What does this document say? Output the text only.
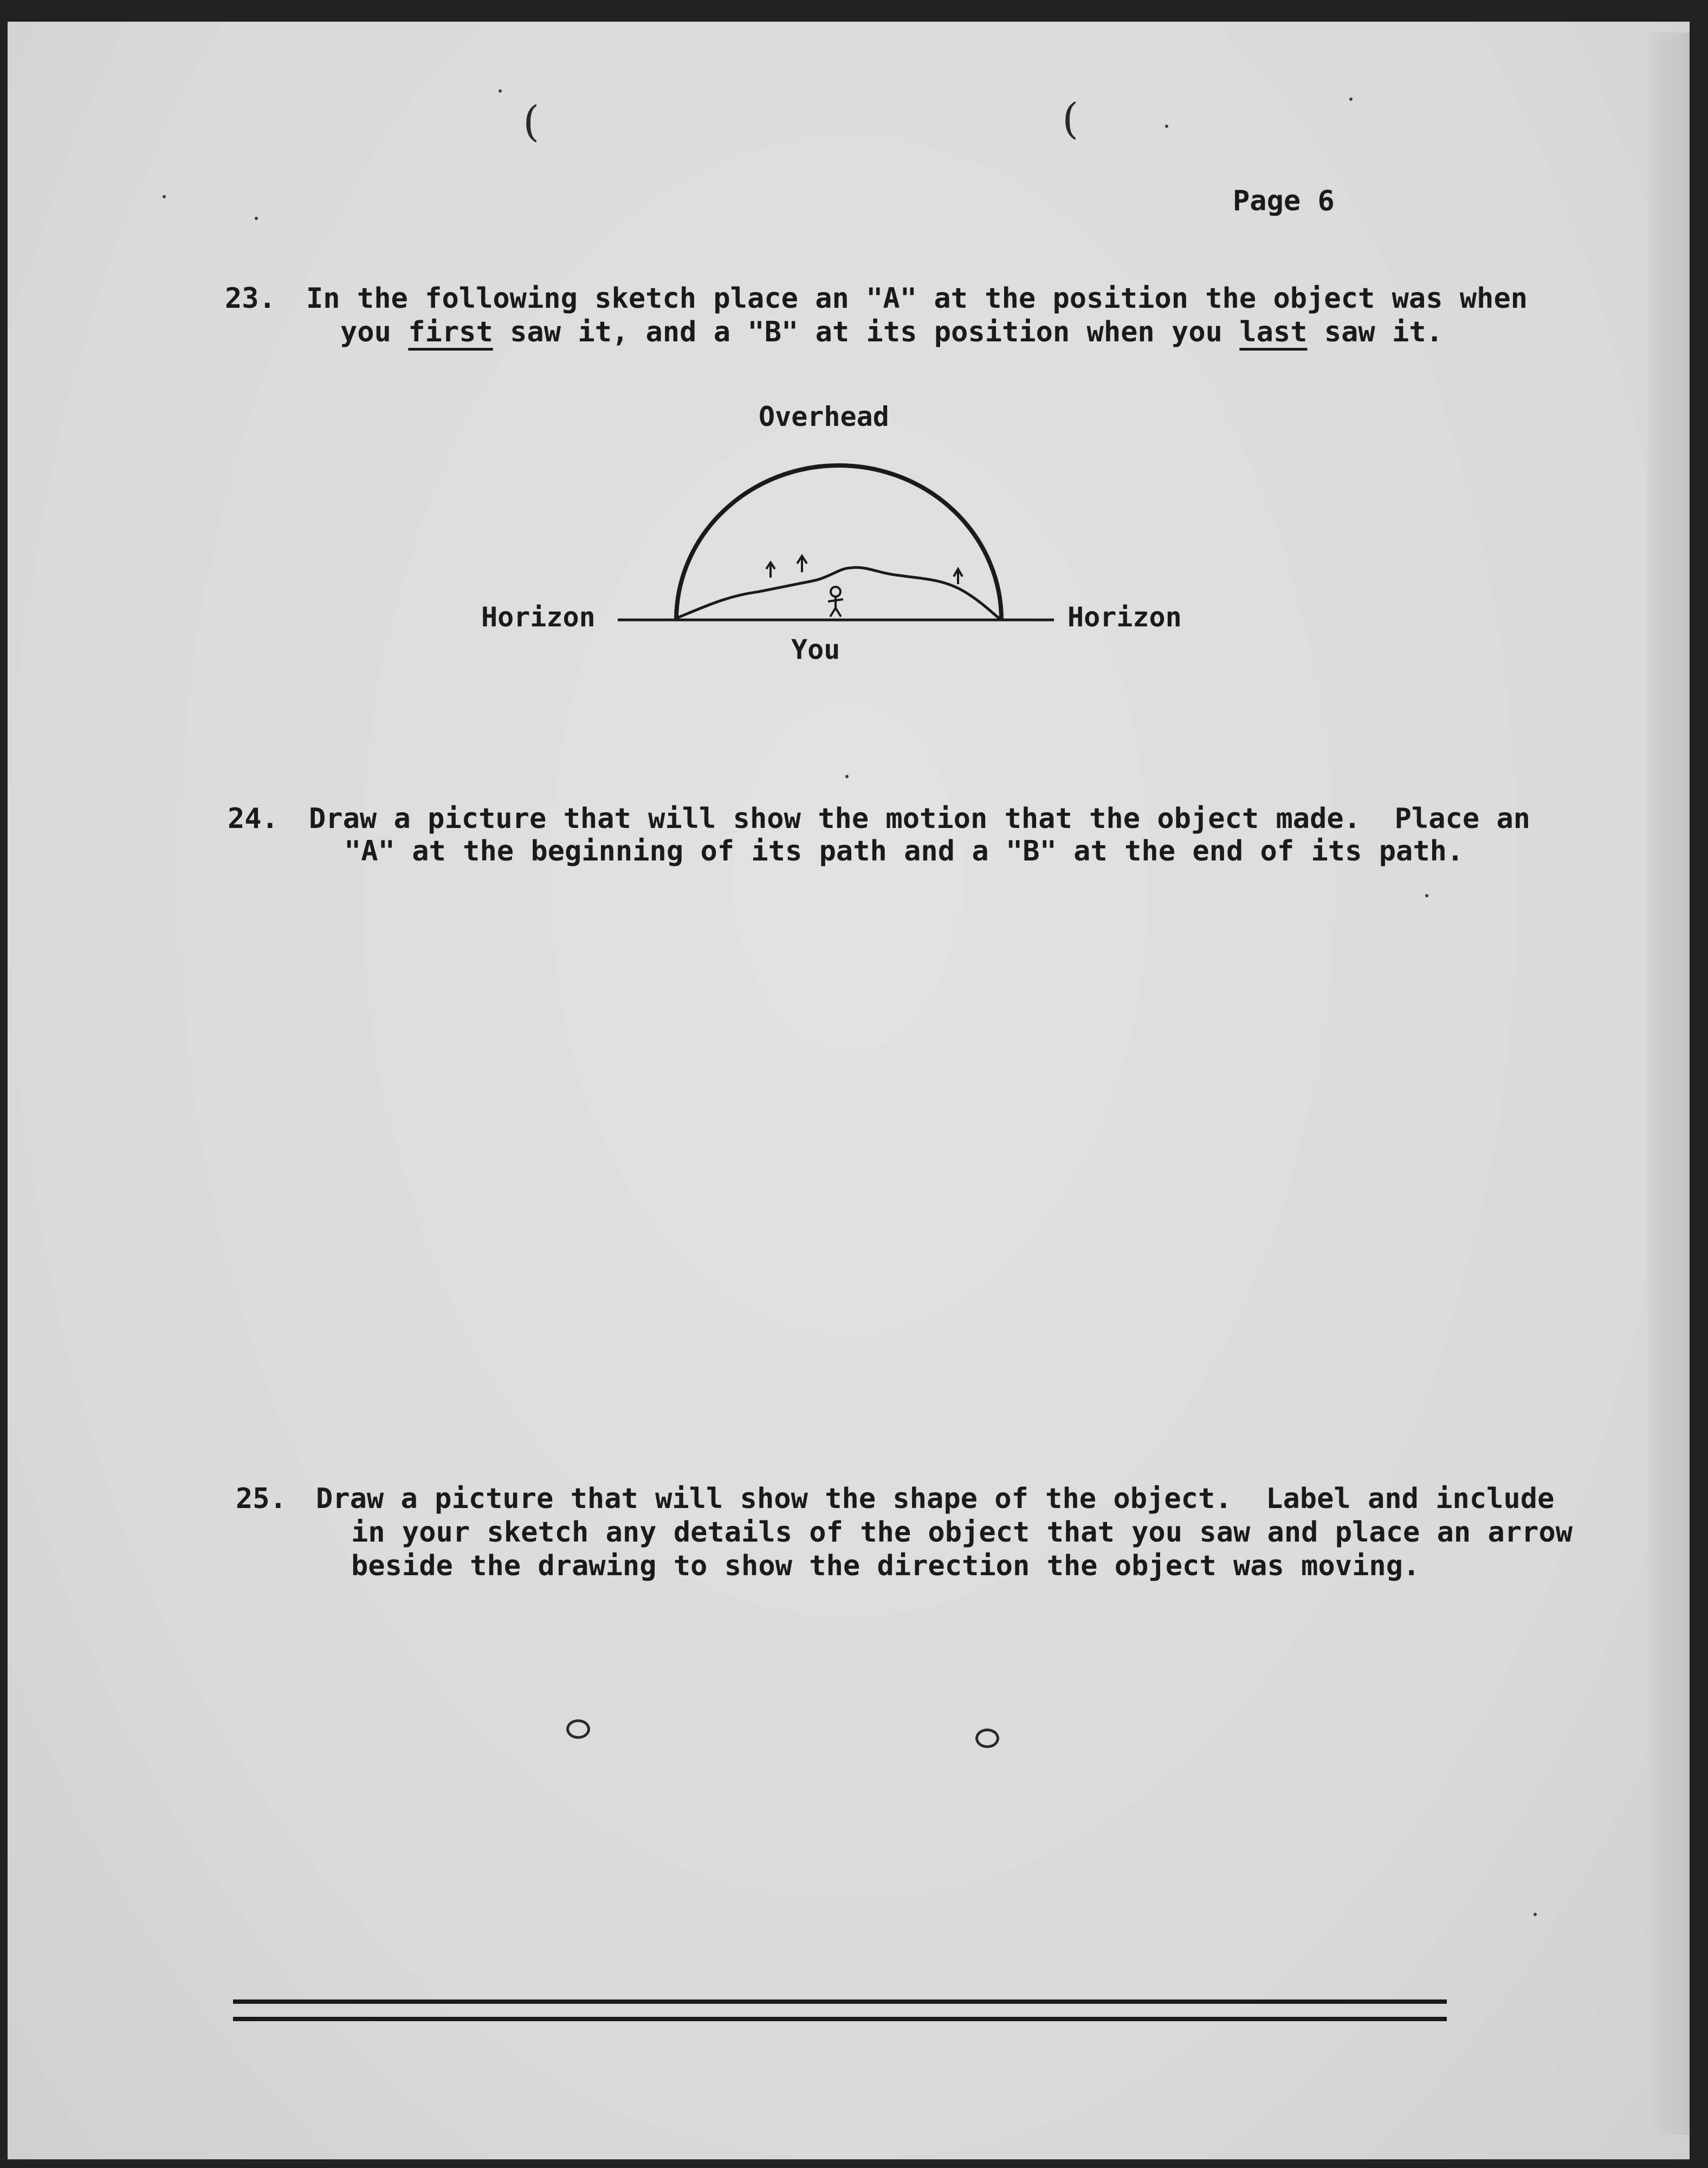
(	(
Page 6
23. In the following sketch place an "A" at the position the object was when
you first saw it, and a "B" at its position when you last saw it.
Overhead
Horizon	Horizon
You
24. Draw a picture that will show the motion that the object made.  Place an
"A" at the beginning of its path and a "B" at the end of its path.
25. Draw a picture that will show the shape of the object.  Label and include
in your sketch any details of the object that you saw and place an arrow
beside the drawing to show the direction the object was moving.
